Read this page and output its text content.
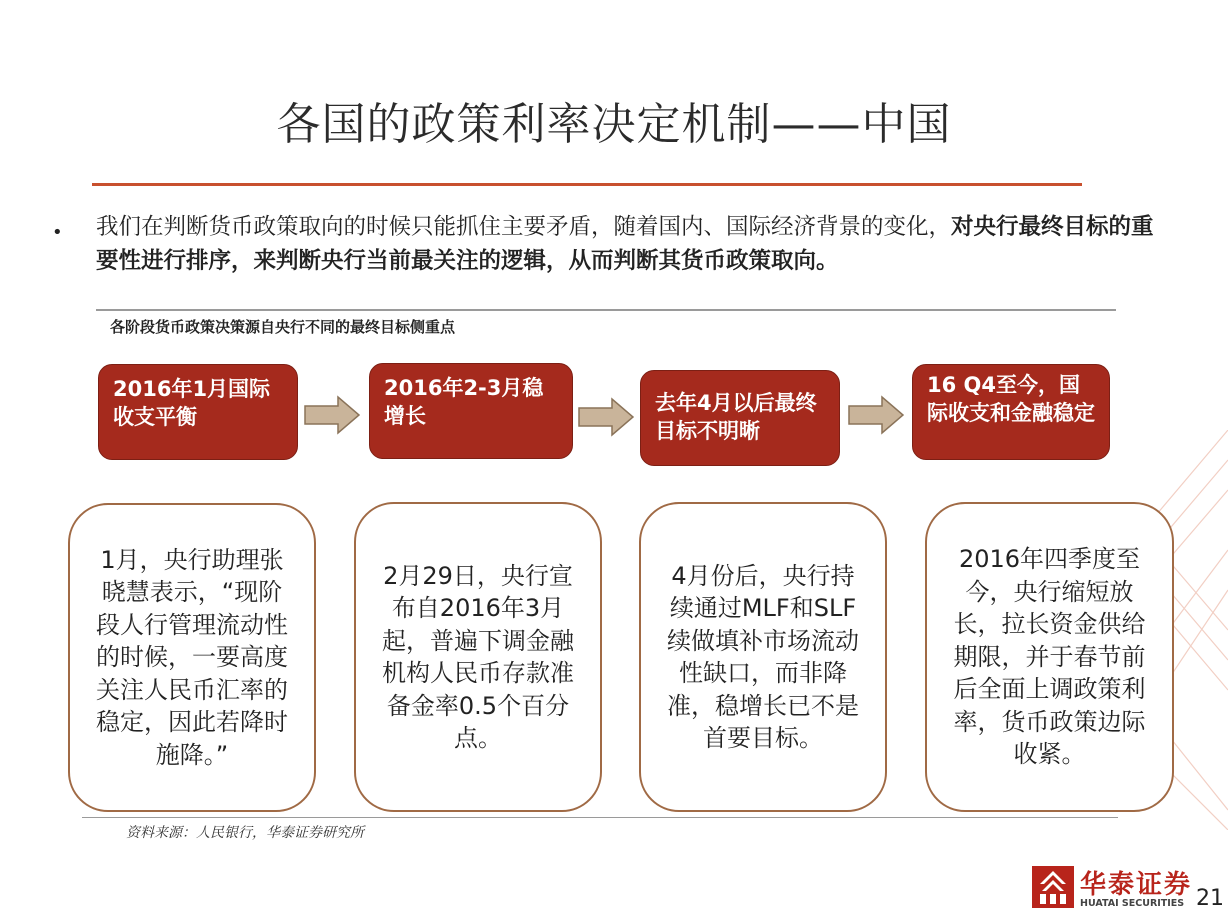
各国的政策利率决定机制——中国
• 我们在判断货币政策取向的时候只能抓住主要矛盾，随着国内、国际经济背景的变化，对央行最终目标的重要性进行排序，来判断央行当前最关注的逻辑，从而判断其货币政策取向。
各阶段货币政策决策源自央行不同的最终目标侧重点
2016年1月国际收支平衡
2016年2-3月稳增长
去年4月以后最终目标不明晰
16 Q4至今，国际收支和金融稳定
1月，央行助理张晓慧表示，“现阶段人行管理流动性的时候，一要高度关注人民币汇率的稳定，因此若降时施降。”
2月29日，央行宣布自2016年3月起，普遍下调金融机构人民币存款准备金率0.5个百分点。
4月份后，央行持续通过MLF和SLF续做填补市场流动性缺口，而非降准，稳增长已不是首要目标。
2016年四季度至今，央行缩短放长，拉长资金供给期限，并于春节前后全面上调政策利率，货币政策边际收紧。
资料来源：人民银行，华泰证券研究所
华泰证券
HUATAI SECURITIES 21
